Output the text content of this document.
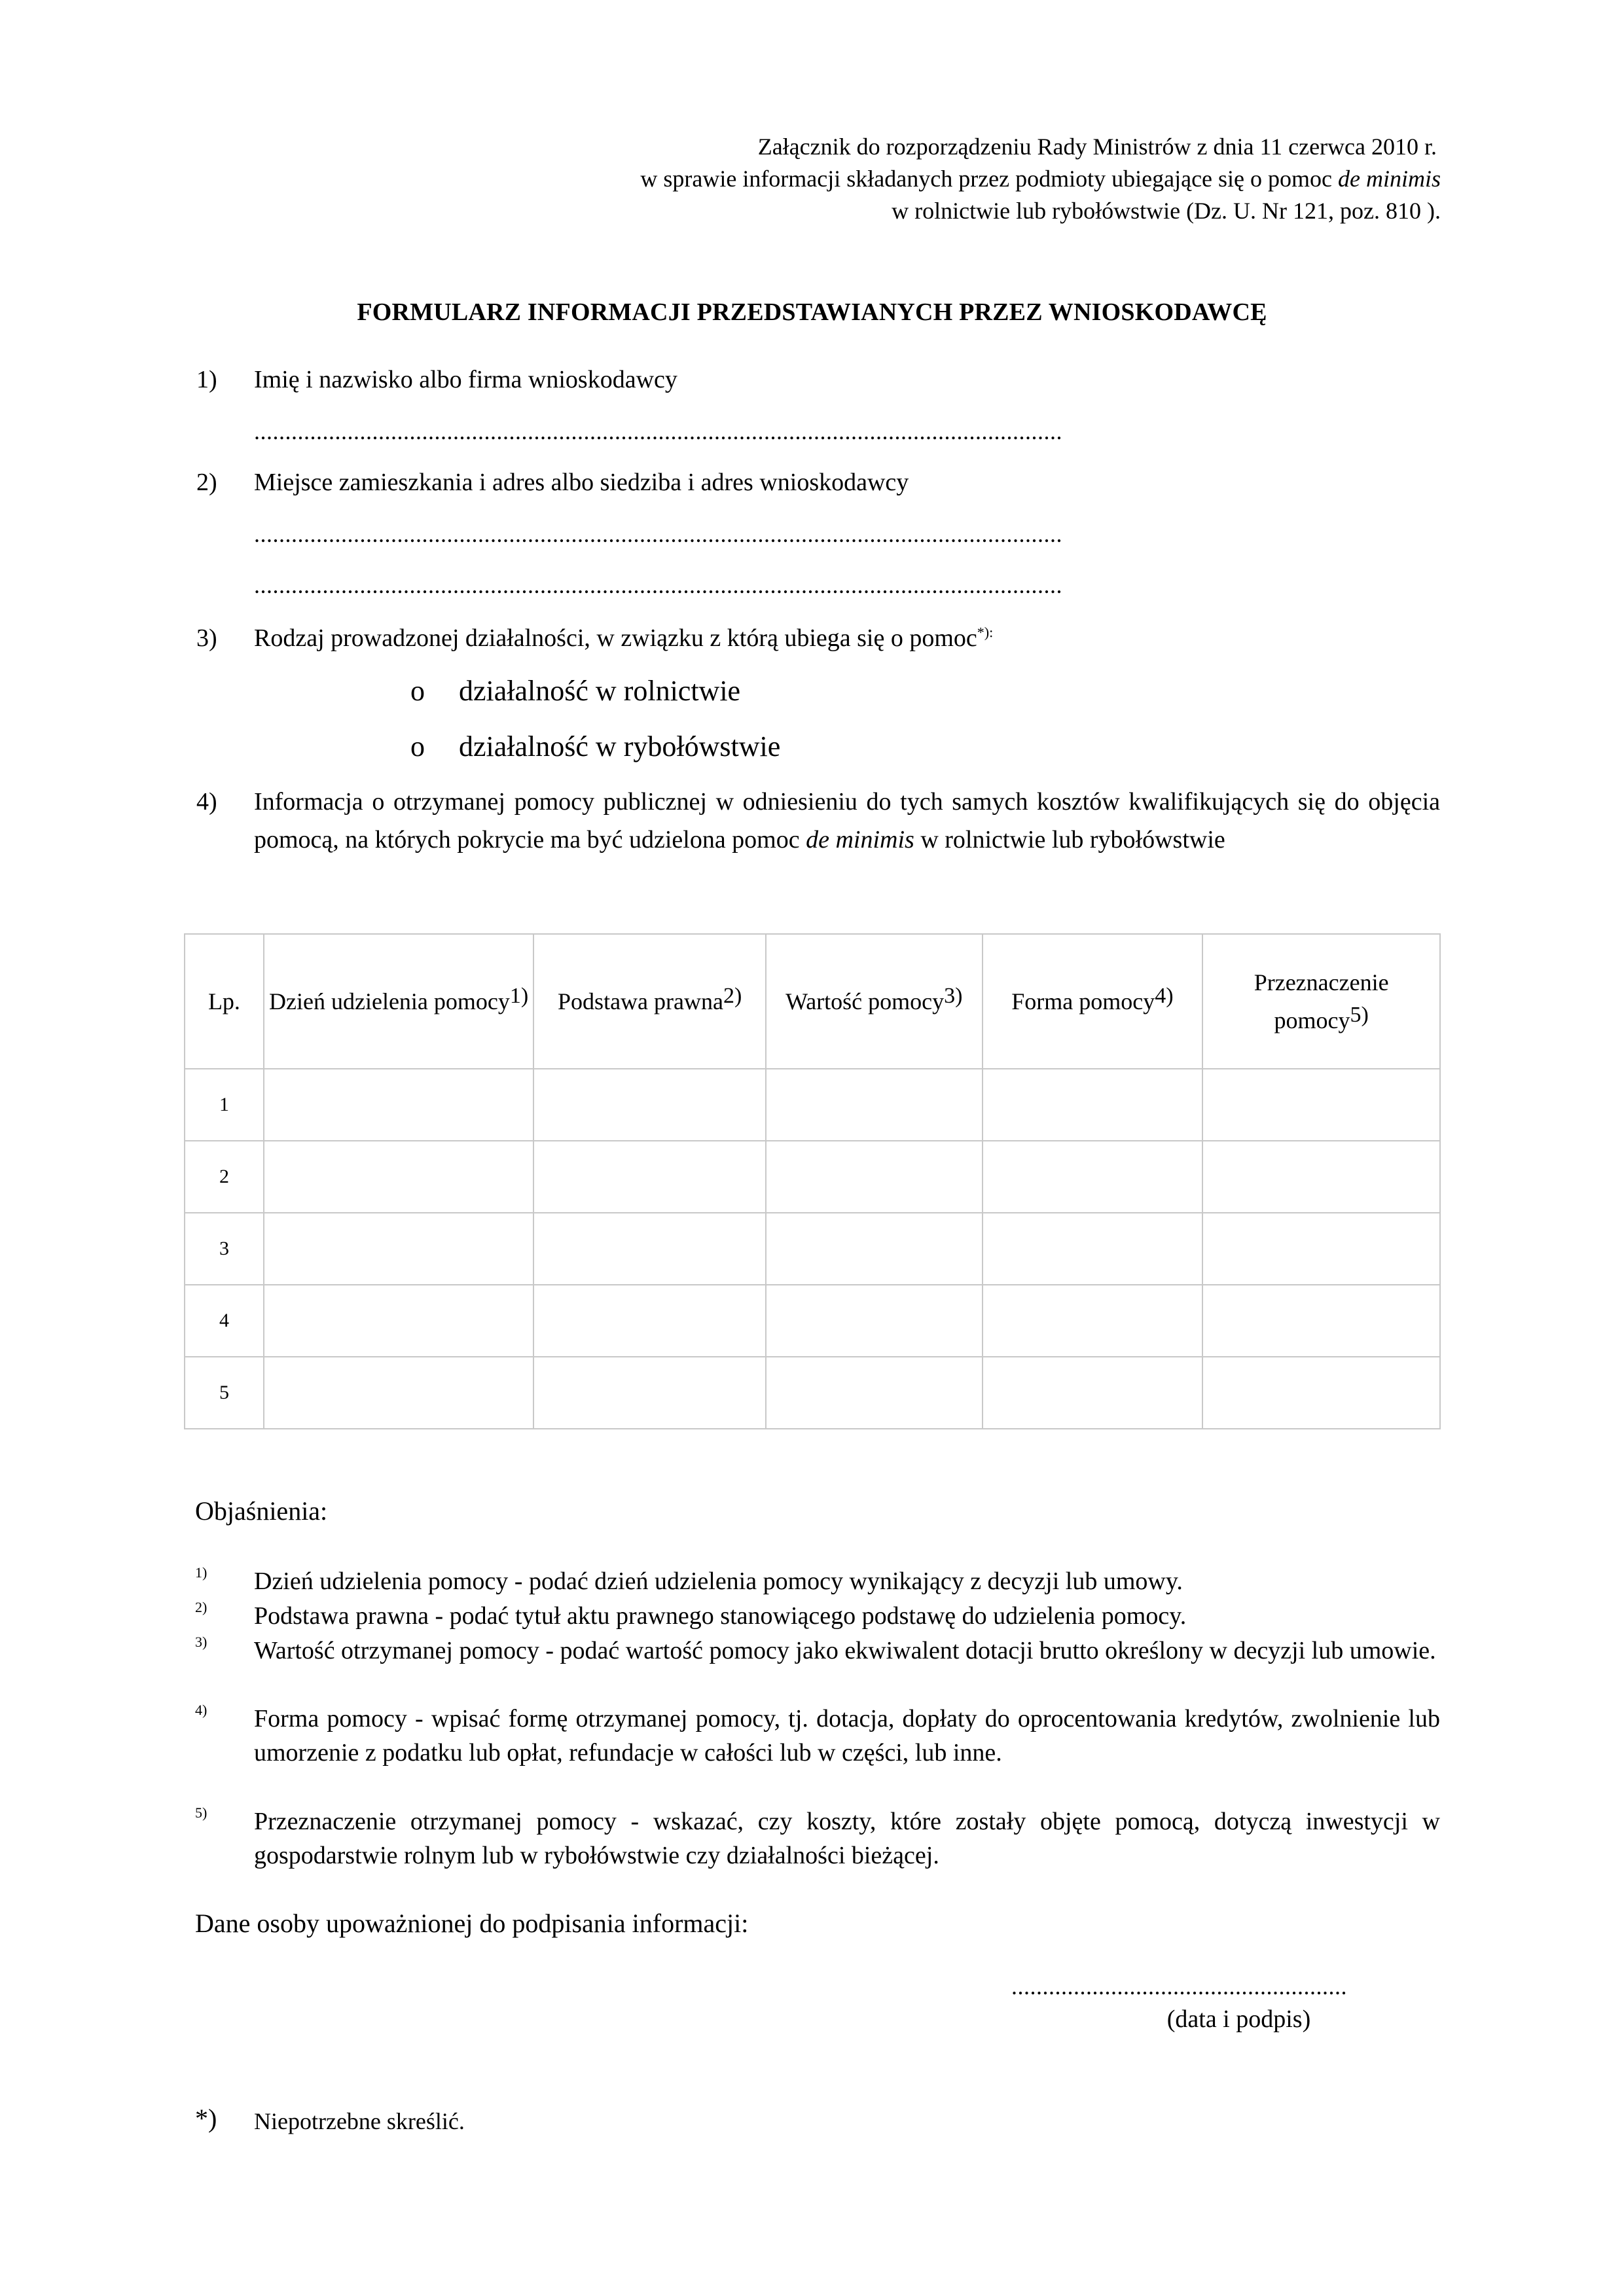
Załącznik do rozporządzeniu Rady Ministrów z dnia 11 czerwca 2010 r.
w sprawie informacji składanych przez podmioty ubiegające się o pomoc de minimis
w rolnictwie lub rybołówstwie (Dz. U. Nr 121, poz. 810 ).
FORMULARZ INFORMACJI PRZEDSTAWIANYCH PRZEZ WNIOSKODAWCĘ
1) Imię i nazwisko albo firma wnioskodawcy
..................................................................................................................................
2) Miejsce zamieszkania i adres albo siedziba i adres wnioskodawcy
..................................................................................................................................
..................................................................................................................................
3) Rodzaj prowadzonej działalności, w związku z którą ubiega się o pomoc*):
o działalność w rolnictwie
o działalność w rybołówstwie
4) Informacja o otrzymanej pomocy publicznej w odniesieniu do tych samych kosztów kwalifikujących się do objęcia pomocą, na których pokrycie ma być udzielona pomoc de minimis w rolnictwie lub rybołówstwie
Lp.	Dzień udzielenia pomocy$^{1)}$	Podstawa prawna$^{2)}$	Wartość pomocy$^{3)}$	Forma pomocy$^{4)}$	Przeznaczenie pomocy$^{5)}$
1					
2					
3					
4					
5					
Objaśnienia:
1) Dzień udzielenia pomocy - podać dzień udzielenia pomocy wynikający z decyzji lub umowy.
2) Podstawa prawna - podać tytuł aktu prawnego stanowiącego podstawę do udzielenia pomocy.
3) Wartość otrzymanej pomocy - podać wartość pomocy jako ekwiwalent dotacji brutto określony w decyzji lub umowie.
4) Forma pomocy - wpisać formę otrzymanej pomocy, tj. dotacja, dopłaty do oprocentowania kredytów, zwolnienie lub umorzenie z podatku lub opłat, refundacje w całości lub w części, lub inne.
5) Przeznaczenie otrzymanej pomocy - wskazać, czy koszty, które zostały objęte pomocą, dotyczą inwestycji w gospodarstwie rolnym lub w rybołówstwie czy działalności bieżącej.
Dane osoby upoważnionej do podpisania informacji:
......................................................
(data i podpis)
*) Niepotrzebne skreślić.
